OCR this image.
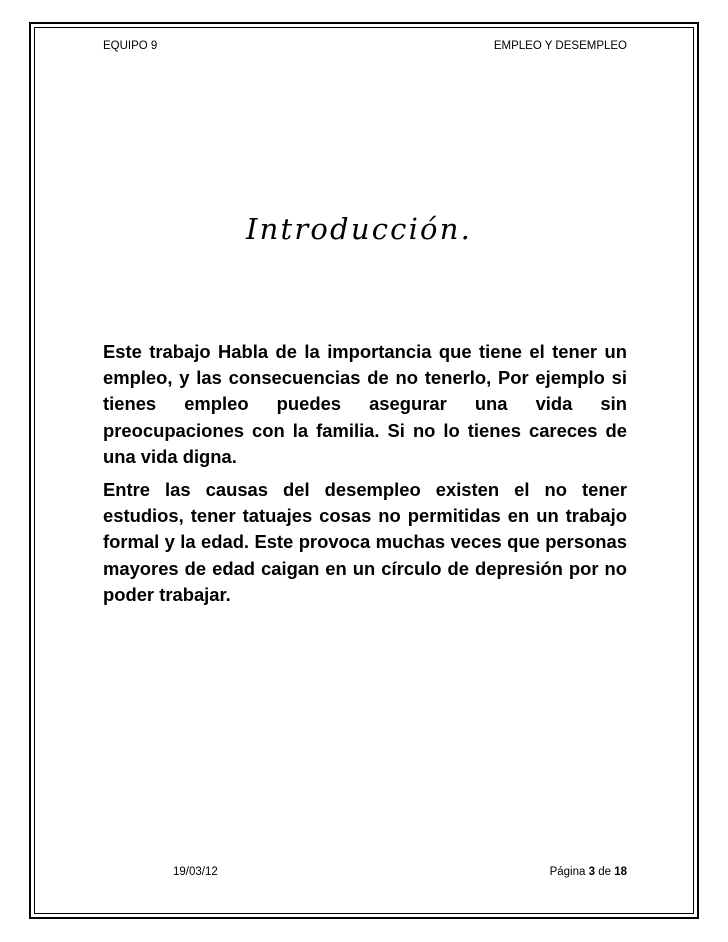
EQUIPO 9	EMPLEO Y DESEMPLEO
Introducción.

Este trabajo Habla de la importancia que tiene el tener un empleo, y las consecuencias de no tenerlo, Por ejemplo si tienes empleo puedes asegurar una vida sin preocupaciones con la familia. Si no lo tienes careces de una vida digna.

Entre las causas del desempleo existen el no tener estudios, tener tatuajes cosas no permitidas en un trabajo formal y la edad. Este provoca muchas veces que personas mayores de edad caigan en un círculo de depresión por no poder trabajar.

19/03/12	Página 3 de 18
